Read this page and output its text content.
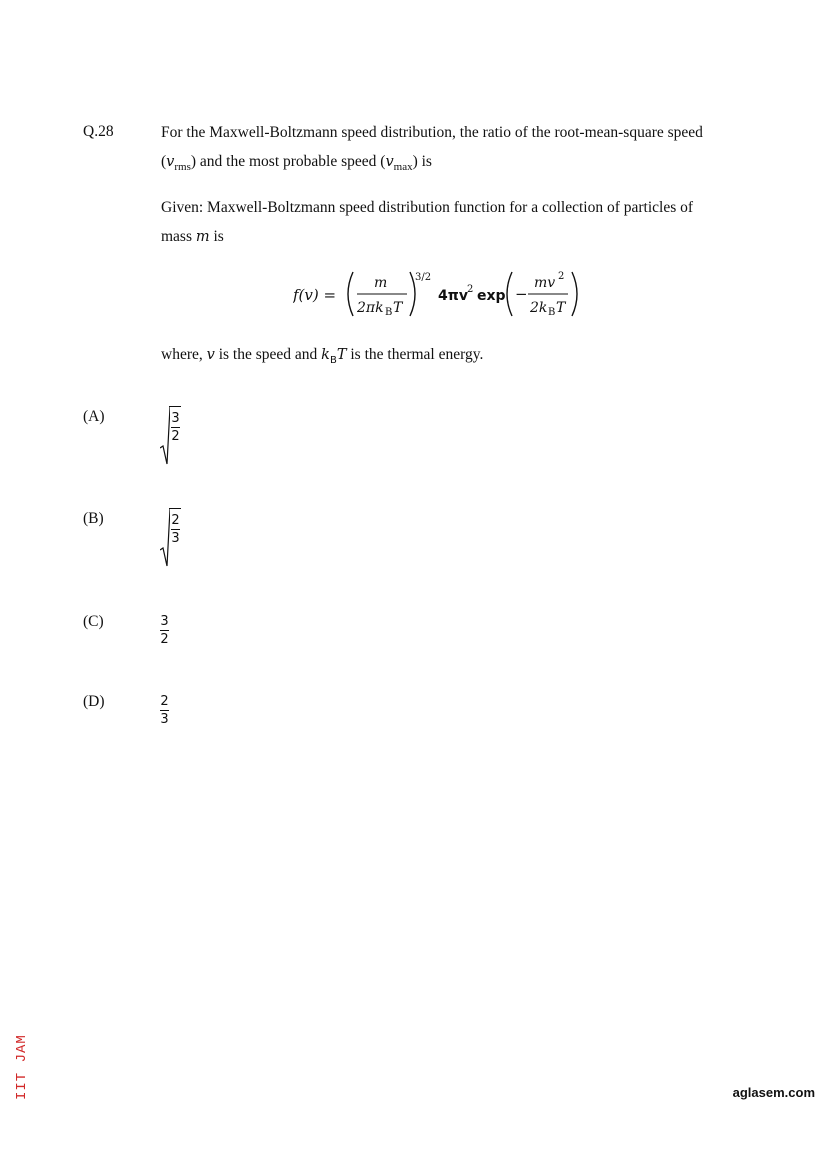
Q.28	For the Maxwell-Boltzmann speed distribution, the ratio of the root-mean-square speed $(v_{rms})$ and the most probable speed $(v_{max})$ is
Given: Maxwell-Boltzmann speed distribution function for a collection of particles of mass m is
f(v) =
m
2πk B T
3/2
4πv 2 exp −
mv 2
2k B T
where, v is the speed and $k_BT$ is the thermal energy.
(A)	$\frac{3}{2}$
(B)	$\frac{2}{3}$
(C)	$\frac{3}{2}$
(D)	$\frac{2}{3}$
aglasem.com
IIT JAM
